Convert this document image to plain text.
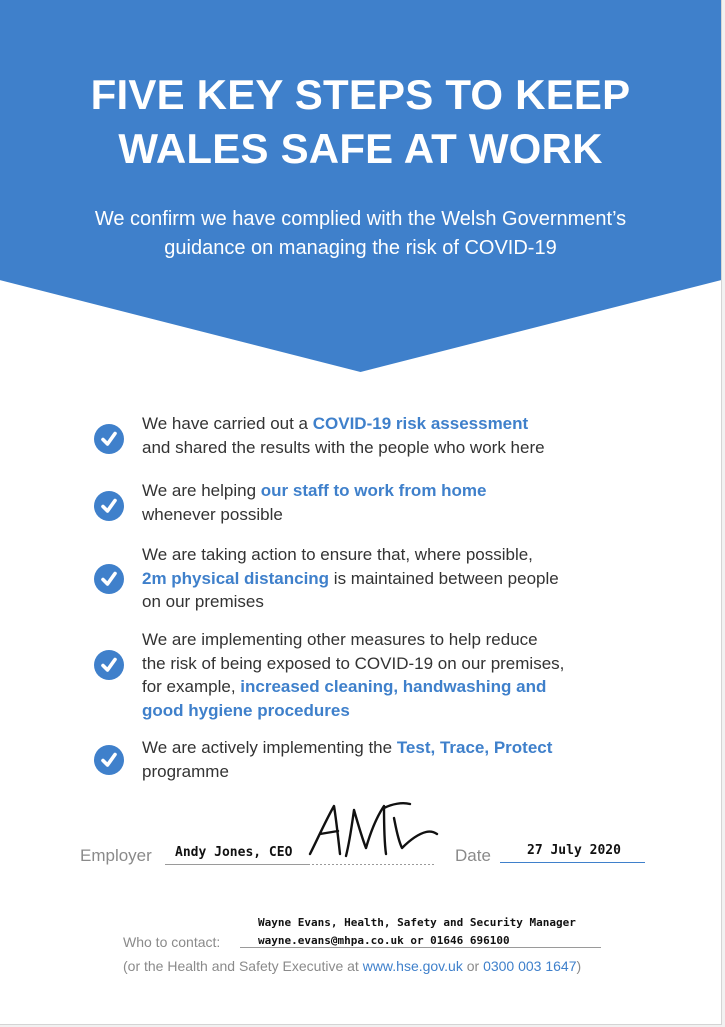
FIVE KEY STEPS TO KEEP
WALES SAFE AT WORK
We confirm we have complied with the Welsh Government’s
guidance on managing the risk of COVID-19
We have carried out a COVID-19 risk assessment
and shared the results with the people who work here
We are helping our staff to work from home
whenever possible
We are taking action to ensure that, where possible,
2m physical distancing is maintained between people
on our premises
We are implementing other measures to help reduce
the risk of being exposed to COVID-19 on our premises,
for example, increased cleaning, handwashing and
good hygiene procedures
We are actively implementing the Test, Trace, Protect
programme
Employer Andy Jones, CEO	Date	27 July 2020
Who to contact:
Wayne Evans, Health, Safety and Security Manager
wayne.evans@mhpa.co.uk or 01646 696100
(or the Health and Safety Executive at www.hse.gov.uk or 0300 003 1647)
